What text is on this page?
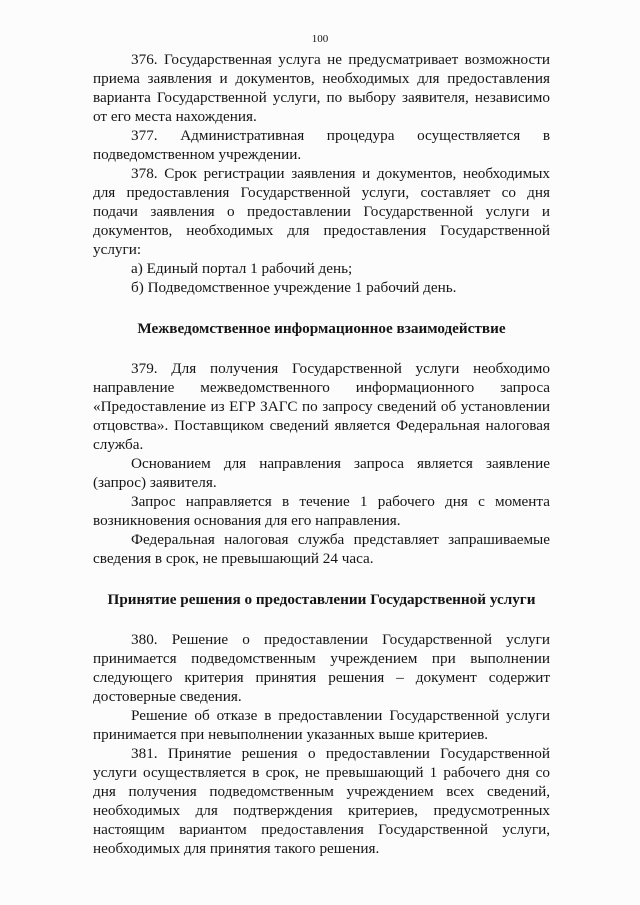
100

376. Государственная услуга не предусматривает возможности приема заявления и документов, необходимых для предоставления варианта Государственной услуги, по выбору заявителя, независимо от его места нахождения.

377. Административная процедура осуществляется в подведомственном учреждении.

378. Срок регистрации заявления и документов, необходимых для предоставления Государственной услуги, составляет со дня подачи заявления о предоставлении Государственной услуги и документов, необходимых для предоставления Государственной услуги:

а) Единый портал 1 рабочий день;

б) Подведомственное учреждение 1 рабочий день.

Межведомственное информационное взаимодействие

379. Для получения Государственной услуги необходимо направление межведомственного информационного запроса «Предоставление из ЕГР ЗАГС по запросу сведений об установлении отцовства». Поставщиком сведений является Федеральная налоговая служба.

Основанием для направления запроса является заявление (запрос) заявителя.

Запрос направляется в течение 1 рабочего дня с момента возникновения основания для его направления.

Федеральная налоговая служба представляет запрашиваемые сведения в срок, не превышающий 24 часа.

Принятие решения о предоставлении Государственной услуги

380. Решение о предоставлении Государственной услуги принимается подведомственным учреждением при выполнении следующего критерия принятия решения – документ содержит достоверные сведения.

Решение об отказе в предоставлении Государственной услуги принимается при невыполнении указанных выше критериев.

381. Принятие решения о предоставлении Государственной услуги осуществляется в срок, не превышающий 1 рабочего дня со дня получения подведомственным учреждением всех сведений, необходимых для подтверждения критериев, предусмотренных настоящим вариантом предоставления Государственной услуги, необходимых для принятия такого решения.
